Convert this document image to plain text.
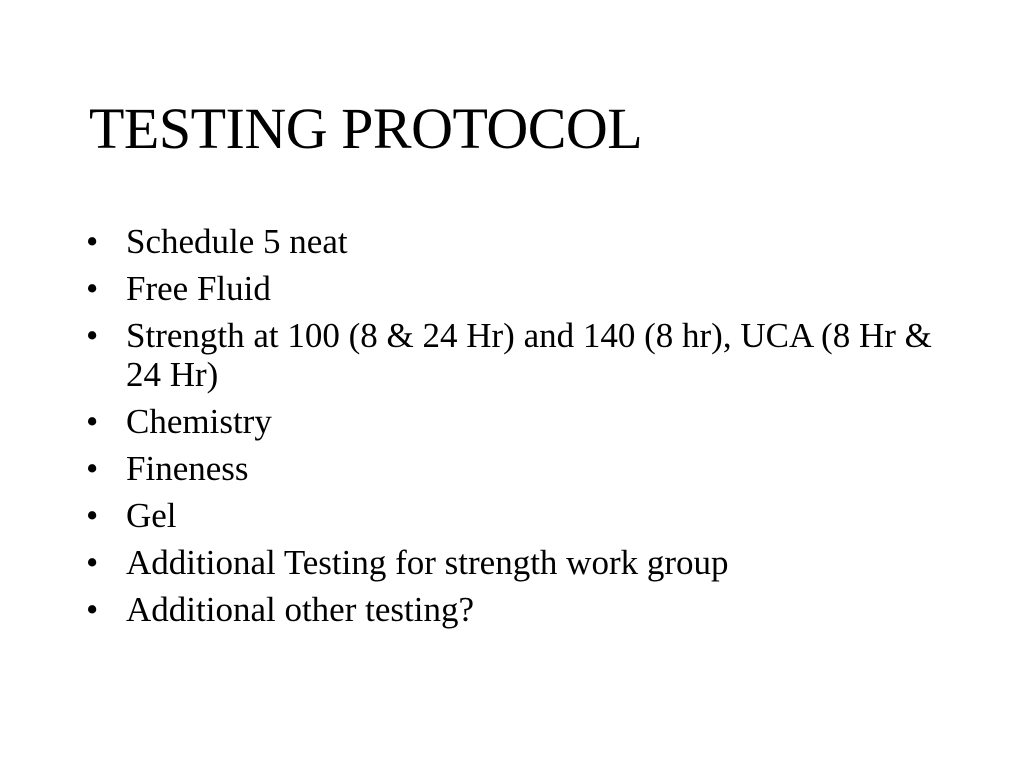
TESTING PROTOCOL
• Schedule 5 neat
• Free Fluid
• Strength at 100 (8 & 24 Hr) and 140 (8 hr), UCA (8 Hr & 24 Hr)
• Chemistry
• Fineness
• Gel
• Additional Testing for strength work group
• Additional other testing?
